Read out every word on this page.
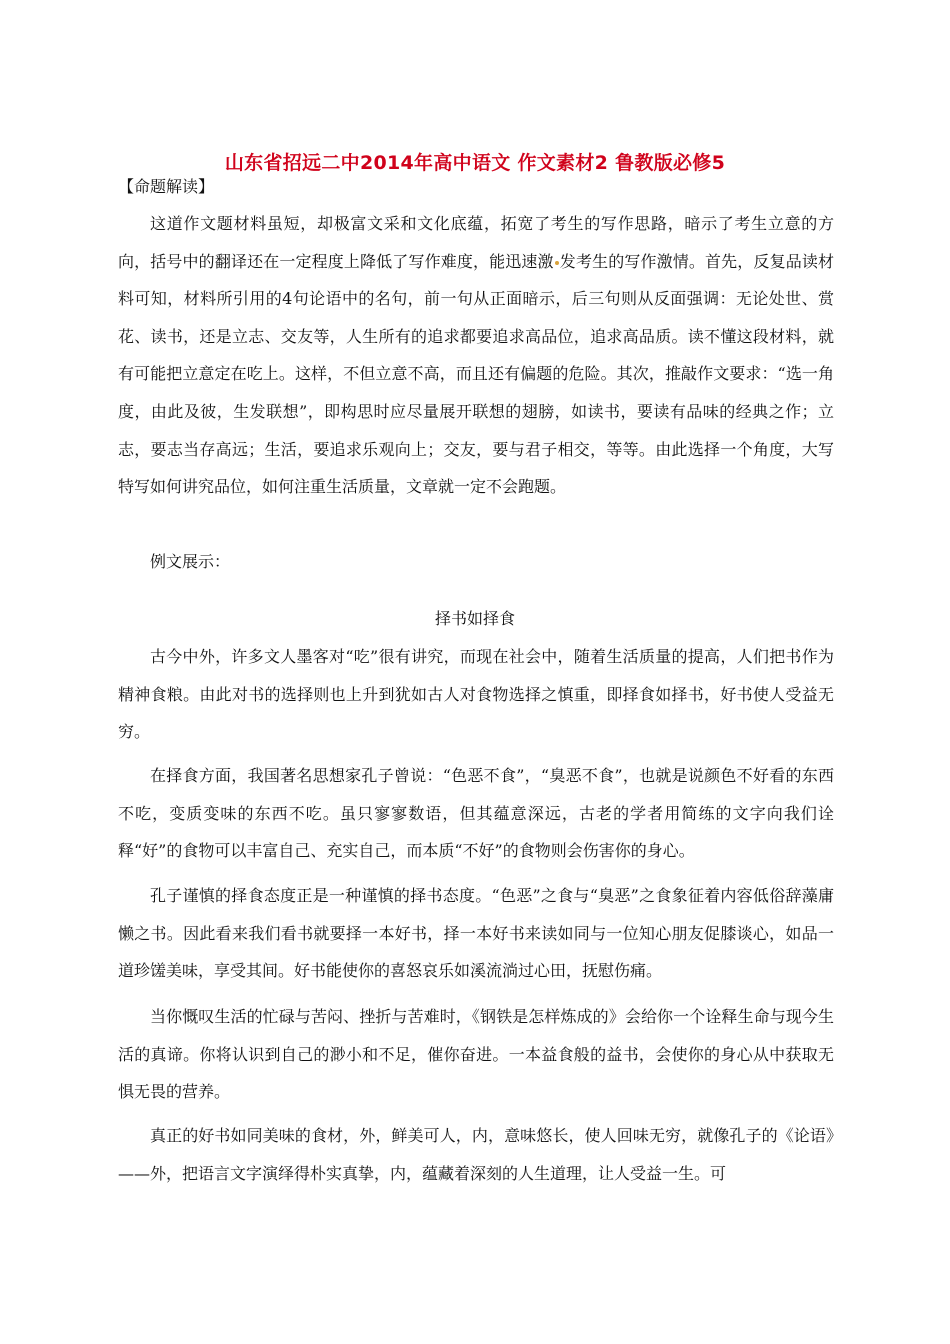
山东省招远二中2014年高中语文 作文素材2 鲁教版必修5
【命题解读】

这道作文题材料虽短，却极富文采和文化底蕴，拓宽了考生的写作思路，暗示了考生立意的方向，括号中的翻译还在一定程度上降低了写作难度，能迅速激 发考生的写作激情。首先，反复品读材料可知，材料所引用的4句论语中的名句，前一句从正面暗示，后三句则从反面强调：无论处世、赏花、读书，还是立志、交友等，人生所有的追求都要追求高品位，追求高品质。读不懂这段材料，就有可能把立意定在吃上。这样，不但立意不高，而且还有偏题的危险。其次，推敲作文要求：“选一角度，由此及彼，生发联想”，即构思时应尽量展开联想的翅膀，如读书，要读有品味的经典之作；立志，要志当存高远；生活，要追求乐观向上；交友，要与君子相交，等等。由此选择一个角度，大写特写如何讲究品位，如何注重生活质量，文章就一定不会跑题。

例文展示：

择书如择食

古今中外，许多文人墨客对“吃”很有讲究，而现在社会中，随着生活质量的提高，人们把书作为精神食粮。由此对书的选择则也上升到犹如古人对食物选择之慎重，即择食如择书，好书使人受益无穷。

在择食方面，我国著名思想家孔子曾说：“色恶不食”，“臭恶不食”，也就是说颜色不好看的东西不吃，变质变味的东西不吃。虽只寥寥数语，但其蕴意深远，古老的学者用简练的文字向我们诠释“好”的食物可以丰富自己、充实自己，而本质“不好”的食物则会伤害你的身心。

孔子谨慎的择食态度正是一种谨慎的择书态度。“色恶”之食与“臭恶”之食象征着内容低俗辞藻庸懒之书。因此看来我们看书就要择一本好书，择一本好书来读如同与一位知心朋友促膝谈心，如品一道珍馐美味，享受其间。好书能使你的喜怒哀乐如溪流淌过心田，抚慰伤痛。

当你慨叹生活的忙碌与苦闷、挫折与苦难时，《钢铁是怎样炼成的》会给你一个诠释生命与现今生活的真谛。你将认识到自己的渺小和不足，催你奋进。一本益食般的益书，会使你的身心从中获取无惧无畏的营养。

真正的好书如同美味的食材，外，鲜美可人，内，意味悠长，使人回味无穷，就像孔子的《论语》——外，把语言文字演绎得朴实真挚，内，蕴藏着深刻的人生道理，让人受益一生。可
